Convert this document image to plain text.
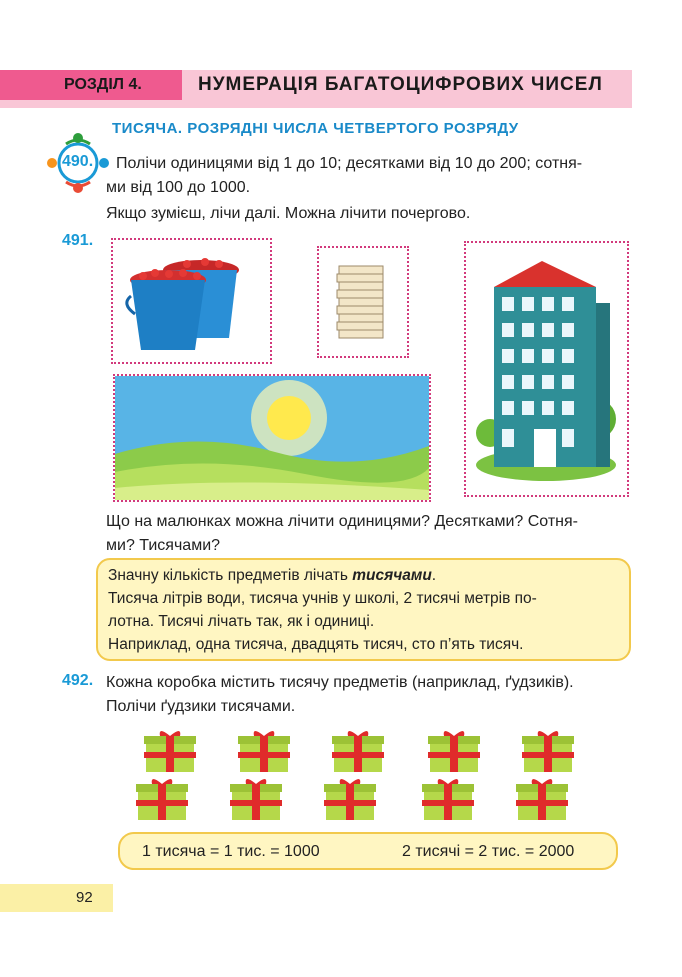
РОЗДІЛ 4.	НУМЕРАЦІЯ БАГАТОЦИФРОВИХ ЧИСЕЛ
ТИСЯЧА. РОЗРЯДНІ ЧИСЛА ЧЕТВЕРТОГО РОЗРЯДУ
490. Полічи одиницями від 1 до 10; десятками від 10 до 200; сотня-
ми від 100 до 1000.
Якщо зумієш, лічи далі. Можна лічити почергово.
491.
Що на малюнках можна лічити одиницями? Десятками? Сотня-
ми? Тисячами?

Значну кількість предметів лічать тисячами.

Тисяча літрів води, тисяча учнів у школі, 2 тисячі метрів по-

лотна. Тисячі лічать так, як і одиниці.

Наприклад, одна тисяча, двадцять тисяч, сто п’ять тисяч.

492. Кожна коробка містить тисячу предметів (наприклад, ґудзиків).
Полічи ґудзики тисячами.
1 тисяча = 1 тис. = 1000	2 тисячі = 2 тис. = 2000
92
